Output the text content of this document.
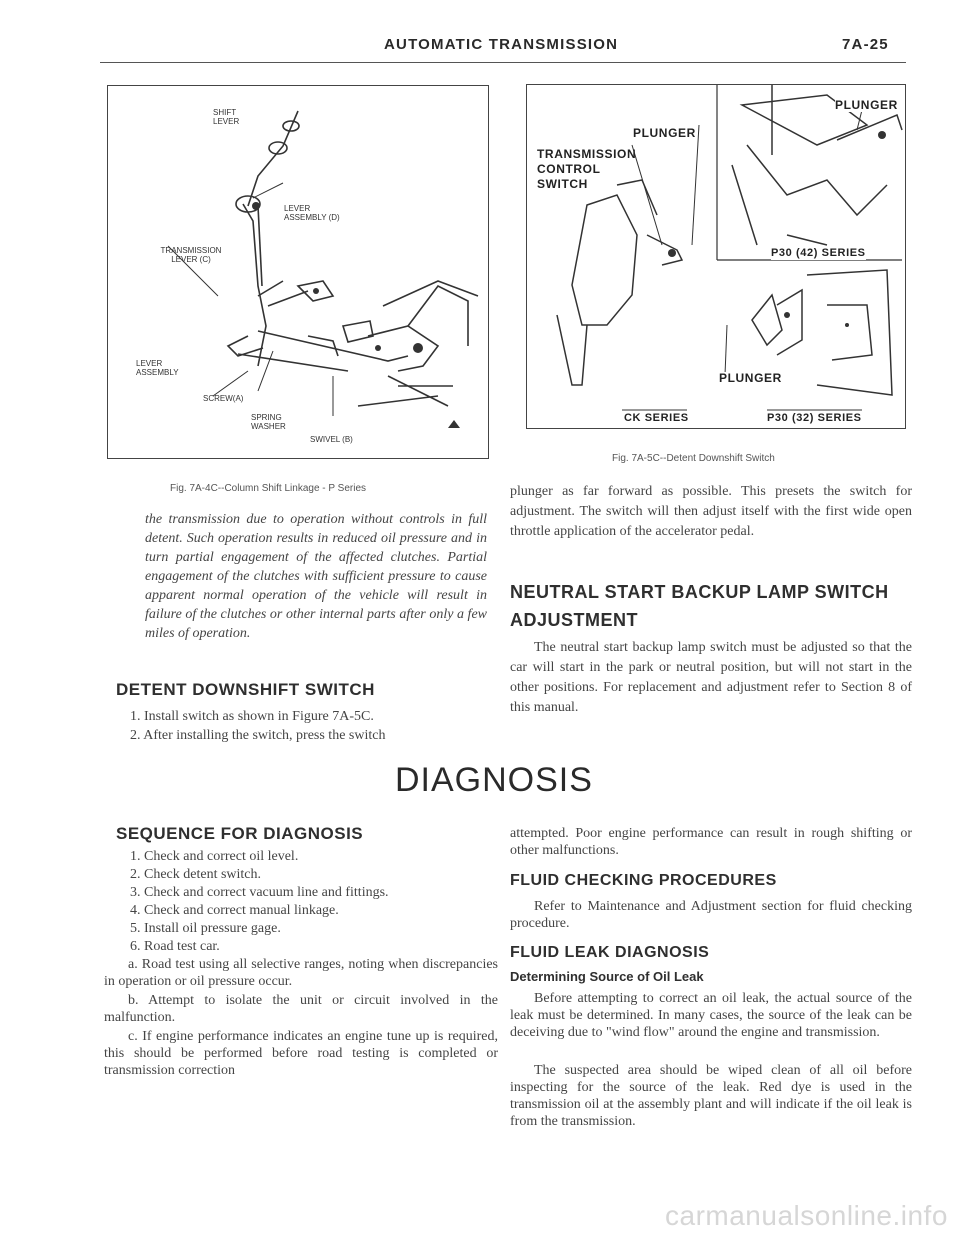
AUTOMATIC TRANSMISSION	7A-25
SHIFT LEVER
LEVER ASSEMBLY (D)
TRANSMISSION LEVER (C)
LEVER ASSEMBLY
SCREW(A)
SPRING WASHER
SWIVEL (B)
Fig. 7A-4C--Column Shift Linkage - P Series
PLUNGER
TRANSMISSION CONTROL SWITCH
PLUNGER
P30 (42) SERIES
PLUNGER
CK SERIES	P30 (32) SERIES
Fig. 7A-5C--Detent Downshift Switch
the transmission due to operation without controls in full detent. Such operation results in reduced oil pressure and in turn partial engagement of the affected clutches. Partial engagement of the clutches with sufficient pressure to cause apparent normal operation of the vehicle will result in failure of the clutches or other internal parts after only a few miles of operation.
DETENT DOWNSHIFT SWITCH
1. Install switch as shown in Figure 7A-5C.
2. After installing the switch, press the switch
plunger as far forward as possible. This presets the switch for adjustment. The switch will then adjust itself with the first wide open throttle application of the accelerator pedal.
NEUTRAL START BACKUP LAMP SWITCH
ADJUSTMENT
The neutral start backup lamp switch must be adjusted so that the car will start in the park or neutral position, but will not start in the other positions. For replacement and adjustment refer to Section 8 of this manual.
DIAGNOSIS
SEQUENCE FOR DIAGNOSIS
1. Check and correct oil level.
2. Check detent switch.
3. Check and correct vacuum line and fittings.
4. Check and correct manual linkage.
5. Install oil pressure gage.
6. Road test car.
a. Road test using all selective ranges, noting when discrepancies in operation or oil pressure occur.
b. Attempt to isolate the unit or circuit involved in the malfunction.
c. If engine performance indicates an engine tune up is required, this should be performed before road testing is completed or transmission correction
attempted. Poor engine performance can result in rough shifting or other malfunctions.
FLUID CHECKING PROCEDURES
Refer to Maintenance and Adjustment section for fluid checking procedure.
FLUID LEAK DIAGNOSIS
Determining Source of Oil Leak
Before attempting to correct an oil leak, the actual source of the leak must be determined. In many cases, the source of the leak can be deceiving due to "wind flow" around the engine and transmission.
The suspected area should be wiped clean of all oil before inspecting for the source of the leak. Red dye is used in the transmission oil at the assembly plant and will indicate if the oil leak is from the transmission.
carmanualsonline.info
